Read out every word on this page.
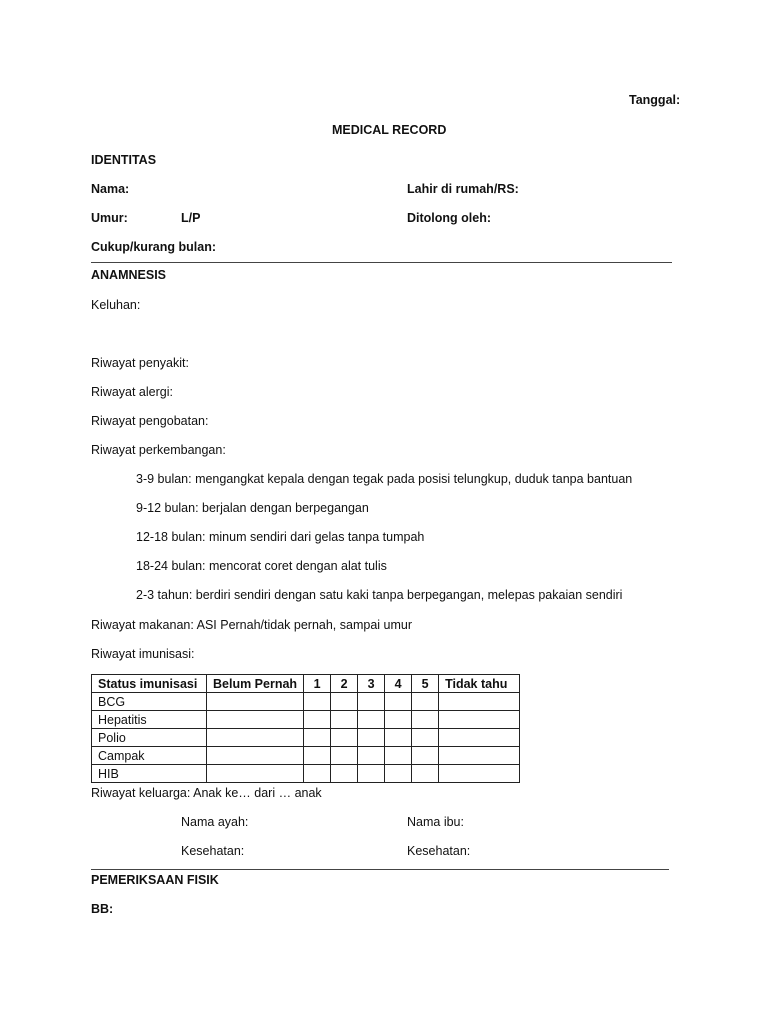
Tanggal:
MEDICAL RECORD
IDENTITAS
Nama:	Lahir di rumah/RS:
Umur:	L/P	Ditolong oleh:
Cukup/kurang bulan:
ANAMNESIS
Keluhan:
Riwayat penyakit:
Riwayat alergi:
Riwayat pengobatan:
Riwayat perkembangan:
3-9 bulan: mengangkat kepala dengan tegak pada posisi telungkup, duduk tanpa bantuan
9-12 bulan: berjalan dengan berpegangan
12-18 bulan: minum sendiri dari gelas tanpa tumpah
18-24 bulan: mencorat coret dengan alat tulis
2-3 tahun: berdiri sendiri dengan satu kaki tanpa berpegangan, melepas pakaian sendiri
Riwayat makanan: ASI Pernah/tidak pernah, sampai umur
Riwayat imunisasi:
Status imunisasi	Belum Pernah	1	2	3	4	5	Tidak tahu
BCG							
Hepatitis							
Polio							
Campak							
HIB							
Riwayat keluarga: Anak ke… dari … anak
Nama ayah:	Nama ibu:
Kesehatan:	Kesehatan:
PEMERIKSAAN FISIK
BB:
